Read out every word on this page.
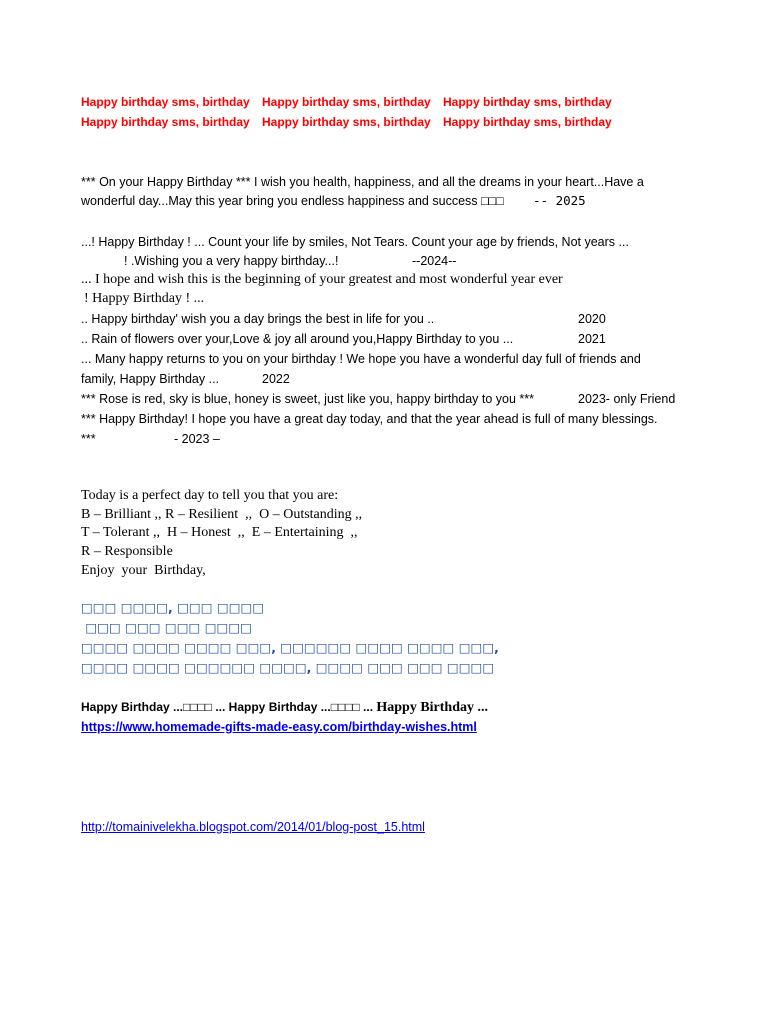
Happy birthday sms, birthday Happy birthday sms, birthday Happy birthday sms, birthday
Happy birthday sms, birthday Happy birthday sms, birthday Happy birthday sms, birthday
*** On your Happy Birthday *** I wish you health, happiness, and all the dreams in your heart...Have a
wonderful day...May this year bring you endless happiness and success □□□ -- 2025
...! Happy Birthday ! ... Count your life by smiles, Not Tears. Count your age by friends, Not years ...
! .Wishing you a very happy birthday...!	--2024--
... I hope and wish this is the beginning of your greatest and most wonderful year ever
! Happy Birthday ! ...
.. Happy birthday' wish you a day brings the best in life for you ..	2020
.. Rain of flowers over your,Love & joy all around you,Happy Birthday to you ...	2021
... Many happy returns to you on your birthday ! We hope you have a wonderful day full of friends and
family, Happy Birthday ...	2022
*** Rose is red, sky is blue, honey is sweet, just like you, happy birthday to you ***	2023- only Friend
*** Happy Birthday! I hope you have a great day today, and that the year ahead is full of many blessings.
***	- 2023 –
Today is a perfect day to tell you that you are:
B – Brilliant ,, R – Resilient  ,,  O – Outstanding ,,
T – Tolerant ,,  H – Honest  ,,  E – Entertaining  ,,
R – Responsible
Enjoy  your  Birthday,
□□□ □□□□, □□□ □□□□
□□□ □□□ □□□ □□□□
□□□□ □□□□ □□□□ □□□, □□□□□□ □□□□ □□□□ □□□,
□□□□ □□□□ □□□□□□ □□□□, □□□□ □□□ □□□ □□□□
Happy Birthday ...□□□□ ... Happy Birthday ...□□□□ ... Happy Birthday ...
https://www.homemade-gifts-made-easy.com/birthday-wishes.html
http://tomainivelekha.blogspot.com/2014/01/blog-post_15.html
